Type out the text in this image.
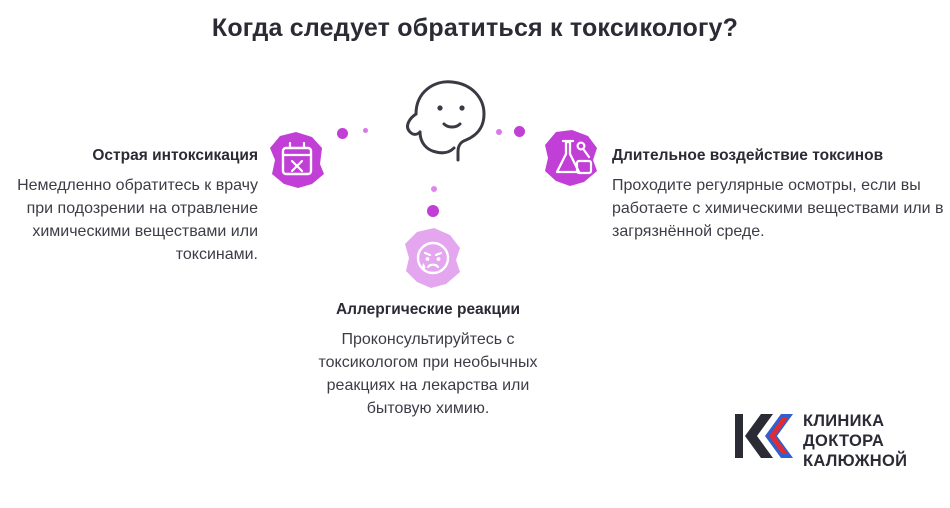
Когда следует обратиться к токсикологу?
Острая интоксикация

Немедленно обратитесь к врачу при подозрении на отравление химическими веществами или токсинами.

Длительное воздействие токсинов

Проходите регулярные осмотры, если вы работаете с химическими веществами или в загрязнённой среде.

Аллергические реакции

Проконсультируйтесь с токсикологом при необычных реакциях на лекарства или бытовую химию.

КЛИНИКА
ДОКТОРА
КАЛЮЖНОЙ
